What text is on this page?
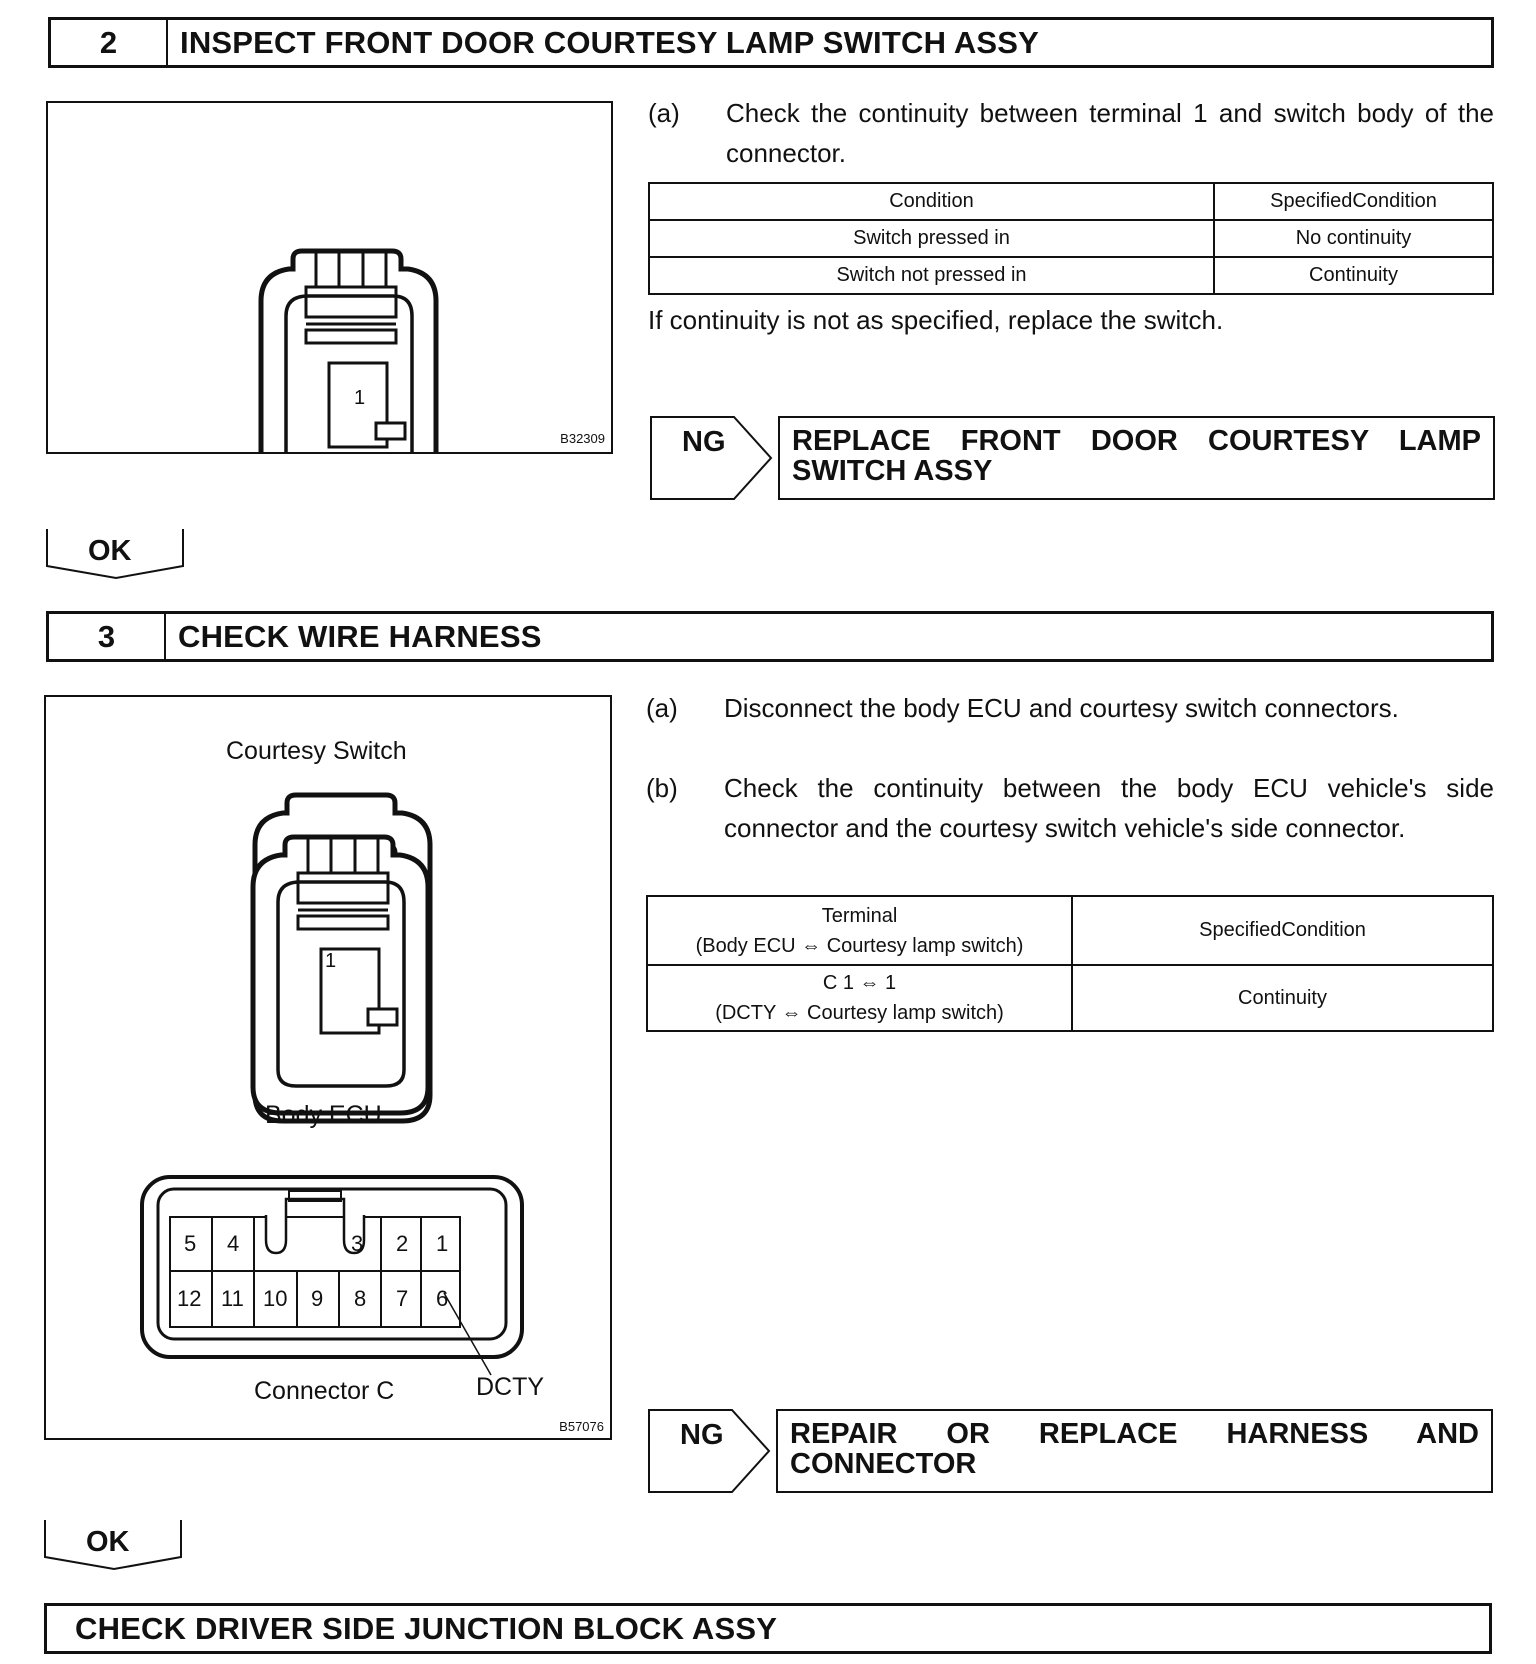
2	INSPECT FRONT DOOR COURTESY LAMP SWITCH ASSY
1
B32309
(a) Check the continuity between terminal 1 and switch body of the connector.
Condition	SpecifiedCondition
Switch pressed in	No continuity
Switch not pressed in	Continuity
If continuity is not as specified, replace the switch.
NG REPLACE FRONT DOOR COURTESY LAMP
SWITCH ASSY
OK
3	CHECK WIRE HARNESS
Courtesy Switch
1
Body ECU
5 4	3 2 1
12 11 10 9 8 7 6
Connector C	DCTY
B57076
(a) Disconnect the body ECU and courtesy switch connectors.
(b) Check the continuity between the body ECU vehicle's side connector and the courtesy switch vehicle's side connector.
Terminal
(Body ECU ⇔ Courtesy lamp switch)	SpecifiedCondition

C 1 ⇔ 1
(DCTY ⇔ Courtesy lamp switch)	Continuity
NG REPAIR OR REPLACE HARNESS AND
CONNECTOR
OK
CHECK DRIVER SIDE JUNCTION BLOCK ASSY
